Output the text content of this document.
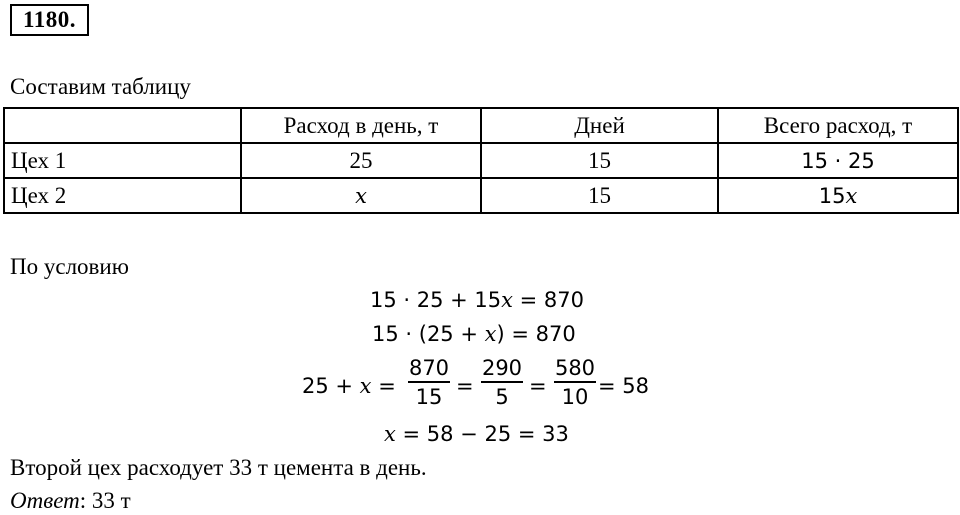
1180.
Составим таблицу
	Расход в день, т	Дней	Всего расход, т
Цех 1	25	15	15 · 25
Цех 2	x	15	15x
По условию
15 · 25 + 15x = 870
15 · (25 + x) = 870
25 + x =
870
15 =
290
5 =
580
10 = 58
x = 58 − 25 = 33
Второй цех расходует 33 т цемента в день.
Ответ: 33 т
